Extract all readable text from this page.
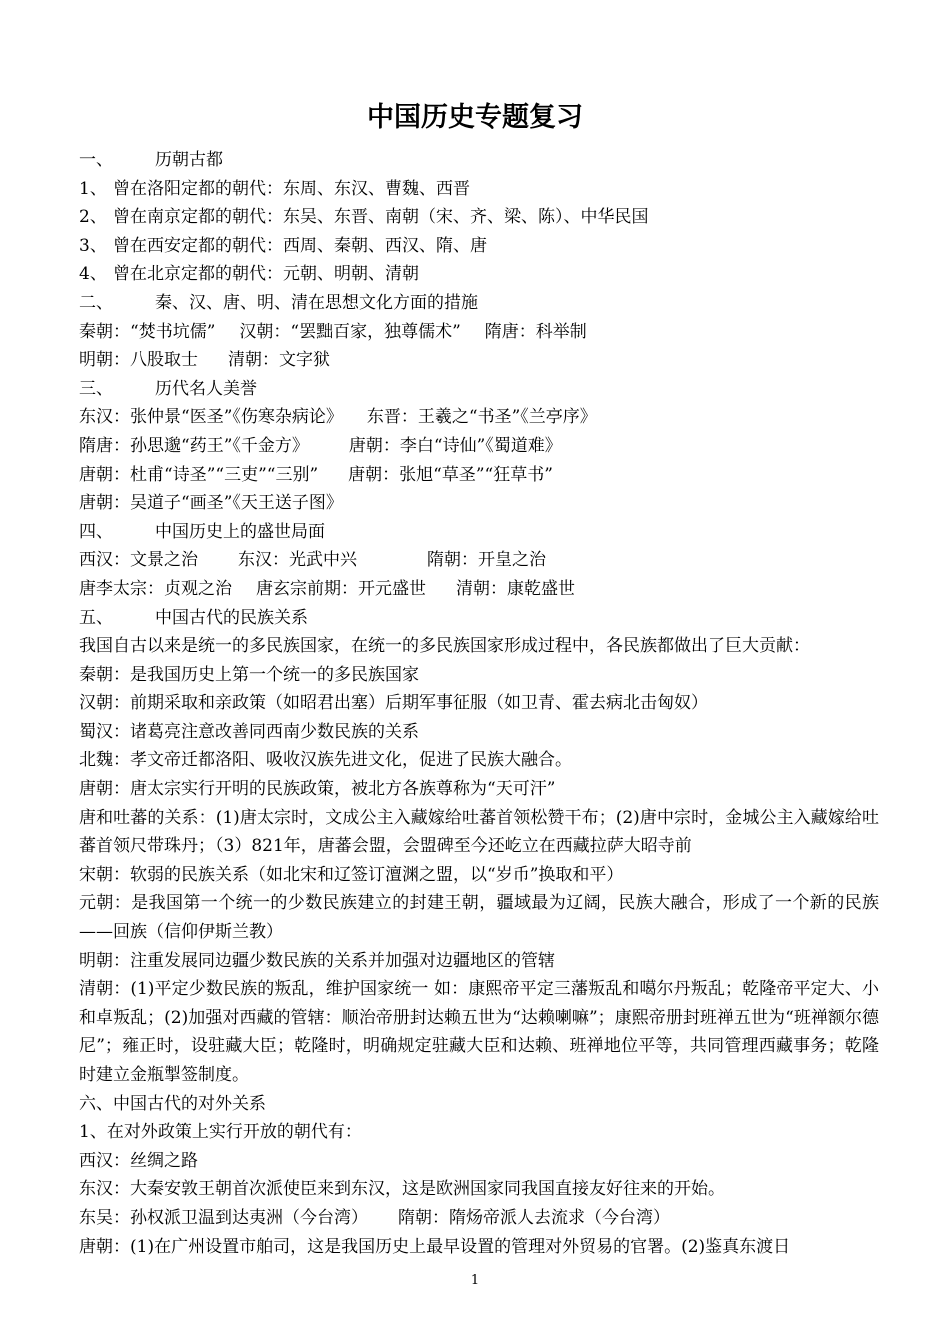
中国历史专题复习
一、 历朝古都
1、 曾在洛阳定都的朝代：东周、东汉、曹魏、西晋
2、 曾在南京定都的朝代：东吴、东晋、南朝（宋、齐、梁、陈）、中华民国
3、 曾在西安定都的朝代：西周、秦朝、西汉、隋、唐
4、 曾在北京定都的朝代：元朝、明朝、清朝
二、 秦、汉、唐、明、清在思想文化方面的措施
秦朝：“焚书坑儒” 汉朝：“罢黜百家，独尊儒术” 隋唐：科举制
明朝：八股取士 清朝：文字狱
三、 历代名人美誉
东汉：张仲景“医圣”《伤寒杂病论》 东晋：王羲之“书圣”《兰亭序》
隋唐：孙思邈“药王”《千金方》 唐朝：李白“诗仙”《蜀道难》
唐朝：杜甫“诗圣”“三吏”“三别” 唐朝：张旭“草圣”“狂草书”
唐朝：吴道子“画圣”《天王送子图》
四、 中国历史上的盛世局面
西汉：文景之治 东汉：光武中兴	隋朝：开皇之治
唐李太宗：贞观之治 唐玄宗前期：开元盛世 清朝：康乾盛世
五、 中国古代的民族关系
我国自古以来是统一的多民族国家，在统一的多民族国家形成过程中，各民族都做出了巨大贡献：
秦朝：是我国历史上第一个统一的多民族国家
汉朝：前期采取和亲政策（如昭君出塞）后期军事征服（如卫青、霍去病北击匈奴）
蜀汉：诸葛亮注意改善同西南少数民族的关系
北魏：孝文帝迁都洛阳、吸收汉族先进文化，促进了民族大融合。
唐朝：唐太宗实行开明的民族政策，被北方各族尊称为“天可汗”
唐和吐蕃的关系：(1)唐太宗时，文成公主入藏嫁给吐蕃首领松赞干布；(2)唐中宗时，金城公主入藏嫁给吐蕃首领尺带珠丹；（3）821年，唐蕃会盟，会盟碑至今还屹立在西藏拉萨大昭寺前
宋朝：软弱的民族关系（如北宋和辽签订澶渊之盟，以“岁币”换取和平）
元朝：是我国第一个统一的少数民族建立的封建王朝，疆域最为辽阔，民族大融合，形成了一个新的民族——回族（信仰伊斯兰教）
明朝：注重发展同边疆少数民族的关系并加强对边疆地区的管辖
清朝：(1)平定少数民族的叛乱，维护国家统一 如：康熙帝平定三藩叛乱和噶尔丹叛乱；乾隆帝平定大、小和卓叛乱；(2)加强对西藏的管辖：顺治帝册封达赖五世为“达赖喇嘛”；康熙帝册封班禅五世为“班禅额尔德尼”；雍正时，设驻藏大臣；乾隆时，明确规定驻藏大臣和达赖、班禅地位平等，共同管理西藏事务；乾隆时建立金瓶掣签制度。
六、中国古代的对外关系
1、在对外政策上实行开放的朝代有：
西汉：丝绸之路
东汉：大秦安敦王朝首次派使臣来到东汉，这是欧洲国家同我国直接友好往来的开始。
东吴：孙权派卫温到达夷洲（今台湾） 隋朝：隋炀帝派人去流求（今台湾）
唐朝：(1)在广州设置市舶司，这是我国历史上最早设置的管理对外贸易的官署。(2)鉴真东渡日
1
